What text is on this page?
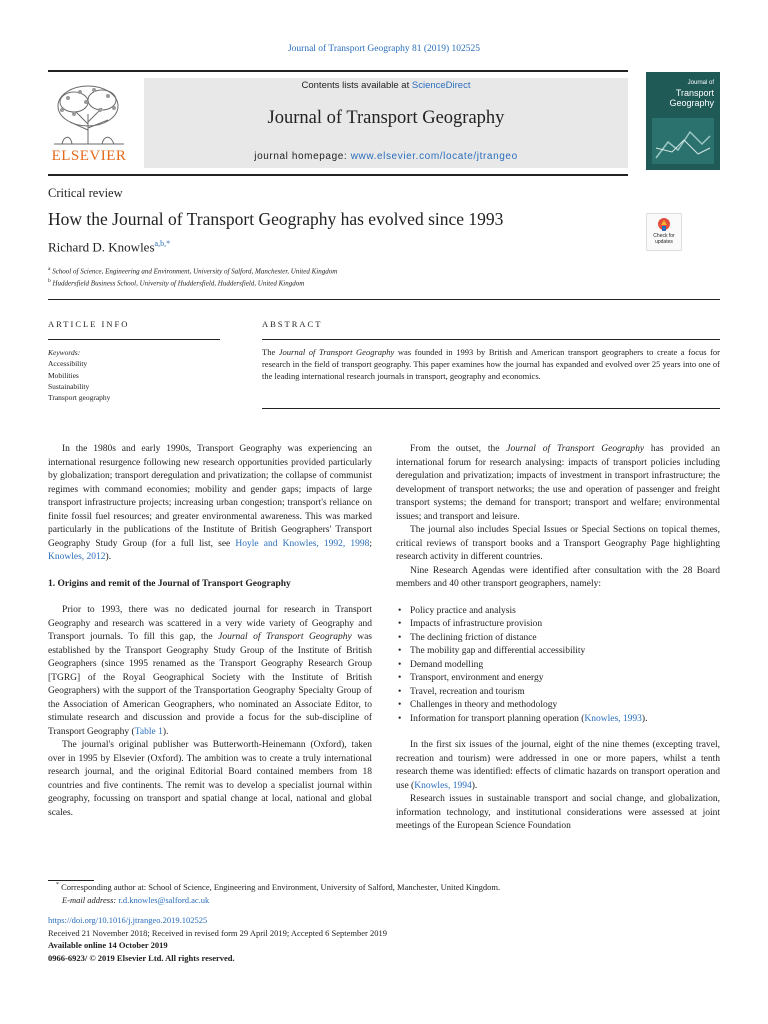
Journal of Transport Geography 81 (2019) 102525
ELSEVIER
Contents lists available at ScienceDirect
Journal of Transport Geography
journal homepage: www.elsevier.com/locate/jtrangeo
Journal of
Transport
Geography
Critical review
How the Journal of Transport Geography has evolved since 1993
Richard D. Knowles$^{a,b,*}$
Check for
updates
$^a$ School of Science, Engineering and Environment, University of Salford, Manchester, United Kingdom
$^b$ Huddersfield Business School, University of Huddersfield, Huddersfield, United Kingdom
ARTICLE INFO
Keywords:
Accessibility
Mobilities
Sustainability
Transport geography
ABSTRACT
The Journal of Transport Geography was founded in 1993 by British and American transport geographers to create a focus for research in the field of transport geography. This paper examines how the journal has expanded and evolved over 25 years into one of the leading international research journals in transport, geography and economics.

In the 1980s and early 1990s, Transport Geography was experiencing an international resurgence following new research opportunities provided particularly by globalization; transport deregulation and privatization; the collapse of communist regimes with command economies; mobility and gender gaps; impacts of large transport infrastructure projects; increasing urban congestion; transport's reliance on finite fossil fuel resources; and greater environmental awareness. This was marked particularly in the publications of the Institute of British Geographers' Transport Geography Study Group (for a full list, see Hoyle and Knowles, 1992, 1998; Knowles, 2012).

1. Origins and remit of the Journal of Transport Geography

Prior to 1993, there was no dedicated journal for research in Transport Geography and research was scattered in a very wide variety of Geography and Transport journals. To fill this gap, the Journal of Transport Geography was established by the Transport Geography Study Group of the Institute of British Geographers (since 1995 renamed as the Transport Geography Research Group [TGRG] of the Royal Geographical Society with the Institute of British Geographers) with the support of the Transportation Geography Specialty Group of the Association of American Geographers, who nominated an Associate Editor, to stimulate research and discussion and provide a focus for the sub-discipline of Transport Geography (Table 1).

The journal's original publisher was Butterworth-Heinemann (Oxford), taken over in 1995 by Elsevier (Oxford). The ambition was to create a truly international research journal, and the original Editorial Board contained members from 18 countries and five continents. The remit was to develop a specialist journal within geography, focussing on transport and spatial change at local, national and global scales.

From the outset, the Journal of Transport Geography has provided an international forum for research analysing: impacts of transport policies including deregulation and privatization; impacts of investment in transport infrastructure; the development of transport networks; the use and operation of passenger and freight transport systems; the demand for transport; transport and welfare; environmental issues; and transport and leisure.

The journal also includes Special Issues or Special Sections on topical themes, critical reviews of transport books and a Transport Geography Page highlighting research activity in different countries.

Nine Research Agendas were identified after consultation with the 28 Board members and 40 other transport geographers, namely:

• Policy practice and analysis
• Impacts of infrastructure provision
• The declining friction of distance
• The mobility gap and differential accessibility
• Demand modelling
• Transport, environment and energy
• Travel, recreation and tourism
• Challenges in theory and methodology
• Information for transport planning operation (Knowles, 1993).

In the first six issues of the journal, eight of the nine themes (excepting travel, recreation and tourism) were addressed in one or more papers, whilst a tenth research theme was identified: effects of climatic hazards on transport operation and use (Knowles, 1994).

Research issues in sustainable transport and social change, and globalization, information technology, and institutional considerations were assessed at joint meetings of the European Science Foundation

* Corresponding author at: School of Science, Engineering and Environment, University of Salford, Manchester, United Kingdom.
E-mail address: r.d.knowles@salford.ac.uk
https://doi.org/10.1016/j.jtrangeo.2019.102525
Received 21 November 2018; Received in revised form 29 April 2019; Accepted 6 September 2019
Available online 14 October 2019
0966-6923/ © 2019 Elsevier Ltd. All rights reserved.
